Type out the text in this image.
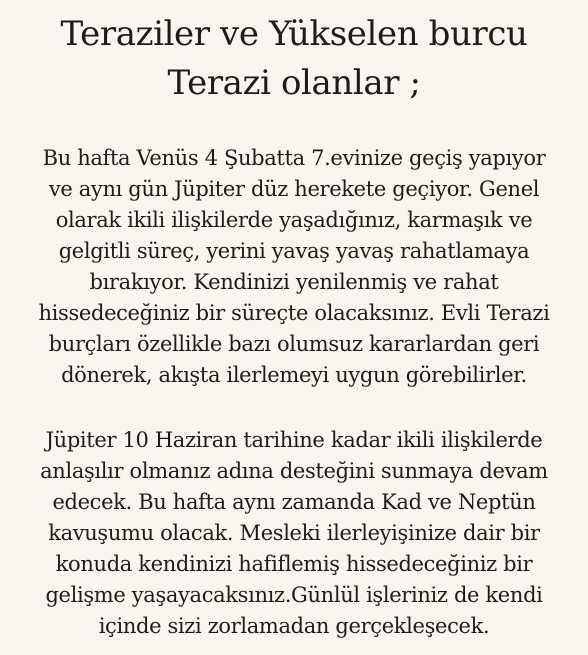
Teraziler ve Yükselen burcu
Terazi olanlar ;
Bu hafta Venüs 4 Şubatta 7.evinize geçiş yapıyor
ve aynı gün Jüpiter düz herekete geçiyor. Genel
olarak ikili ilişkilerde yaşadığınız, karmaşık ve
gelgitli süreç, yerini yavaş yavaş rahatlamaya
bırakıyor. Kendinizi yenilenmiş ve rahat
hissedeceğiniz bir süreçte olacaksınız. Evli Terazi
burçları özellikle bazı olumsuz kararlardan geri
dönerek, akışta ilerlemeyi uygun görebilirler.
Jüpiter 10 Haziran tarihine kadar ikili ilişkilerde
anlaşılır olmanız adına desteğini sunmaya devam
edecek. Bu hafta aynı zamanda Kad ve Neptün
kavuşumu olacak. Mesleki ilerleyişinize dair bir
konuda kendinizi hafiflemiş hissedeceğiniz bir
gelişme yaşayacaksınız.Günlül işleriniz de kendi
içinde sizi zorlamadan gerçekleşecek.
